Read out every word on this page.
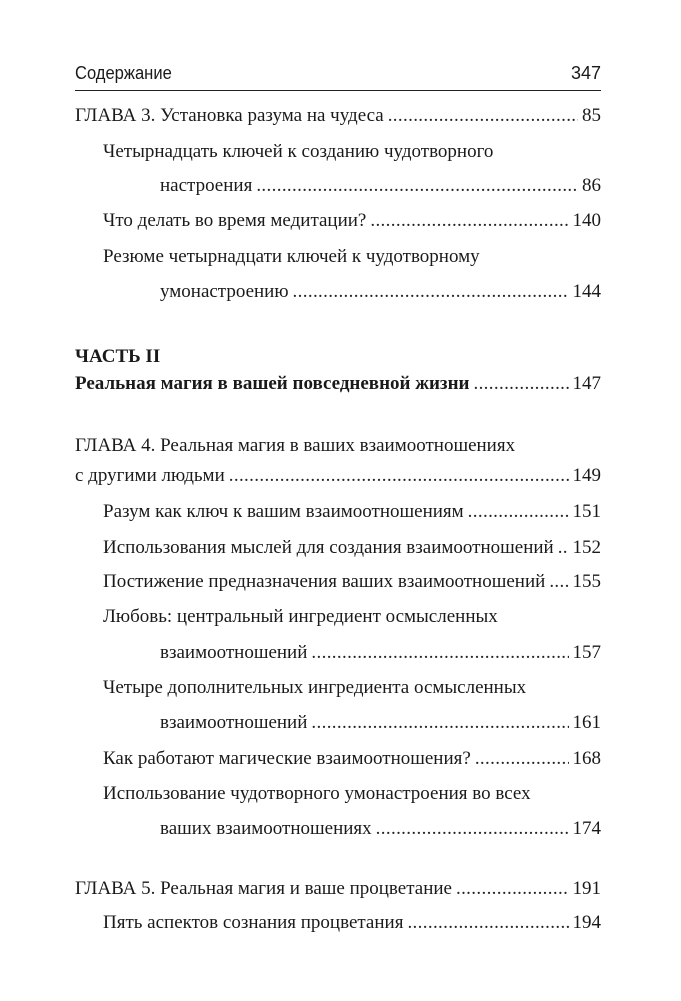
Содержание	347
ГЛАВА 3. Установка разума на чудеса . . .	85
Четырнадцать ключей к созданию чудотворного
настроения . . .	86
Что делать во время медитации? . . .	140
Резюме четырнадцати ключей к чудотворному
умонастроению . . .	144
ЧАСТЬ II
Реальная магия в вашей повседневной жизни . . .	147
ГЛАВА 4. Реальная магия в ваших взаимоотношениях
с другими людьми . . .	149
Разум как ключ к вашим взаимоотношениям . . .	151
Использования мыслей для создания взаимоотношений . . . 152
Постижение предназначения ваших взаимоотношений . . . 155
Любовь: центральный ингредиент осмысленных
взаимоотношений . . .	157
Четыре дополнительных ингредиента осмысленных
взаимоотношений . . .	161
Как работают магические взаимоотношения? . . .	168
Использование чудотворного умонастроения во всех
ваших взаимоотношениях . . .	174
ГЛАВА 5. Реальная магия и ваше процветание . . .	191
Пять аспектов сознания процветания . . .	194
